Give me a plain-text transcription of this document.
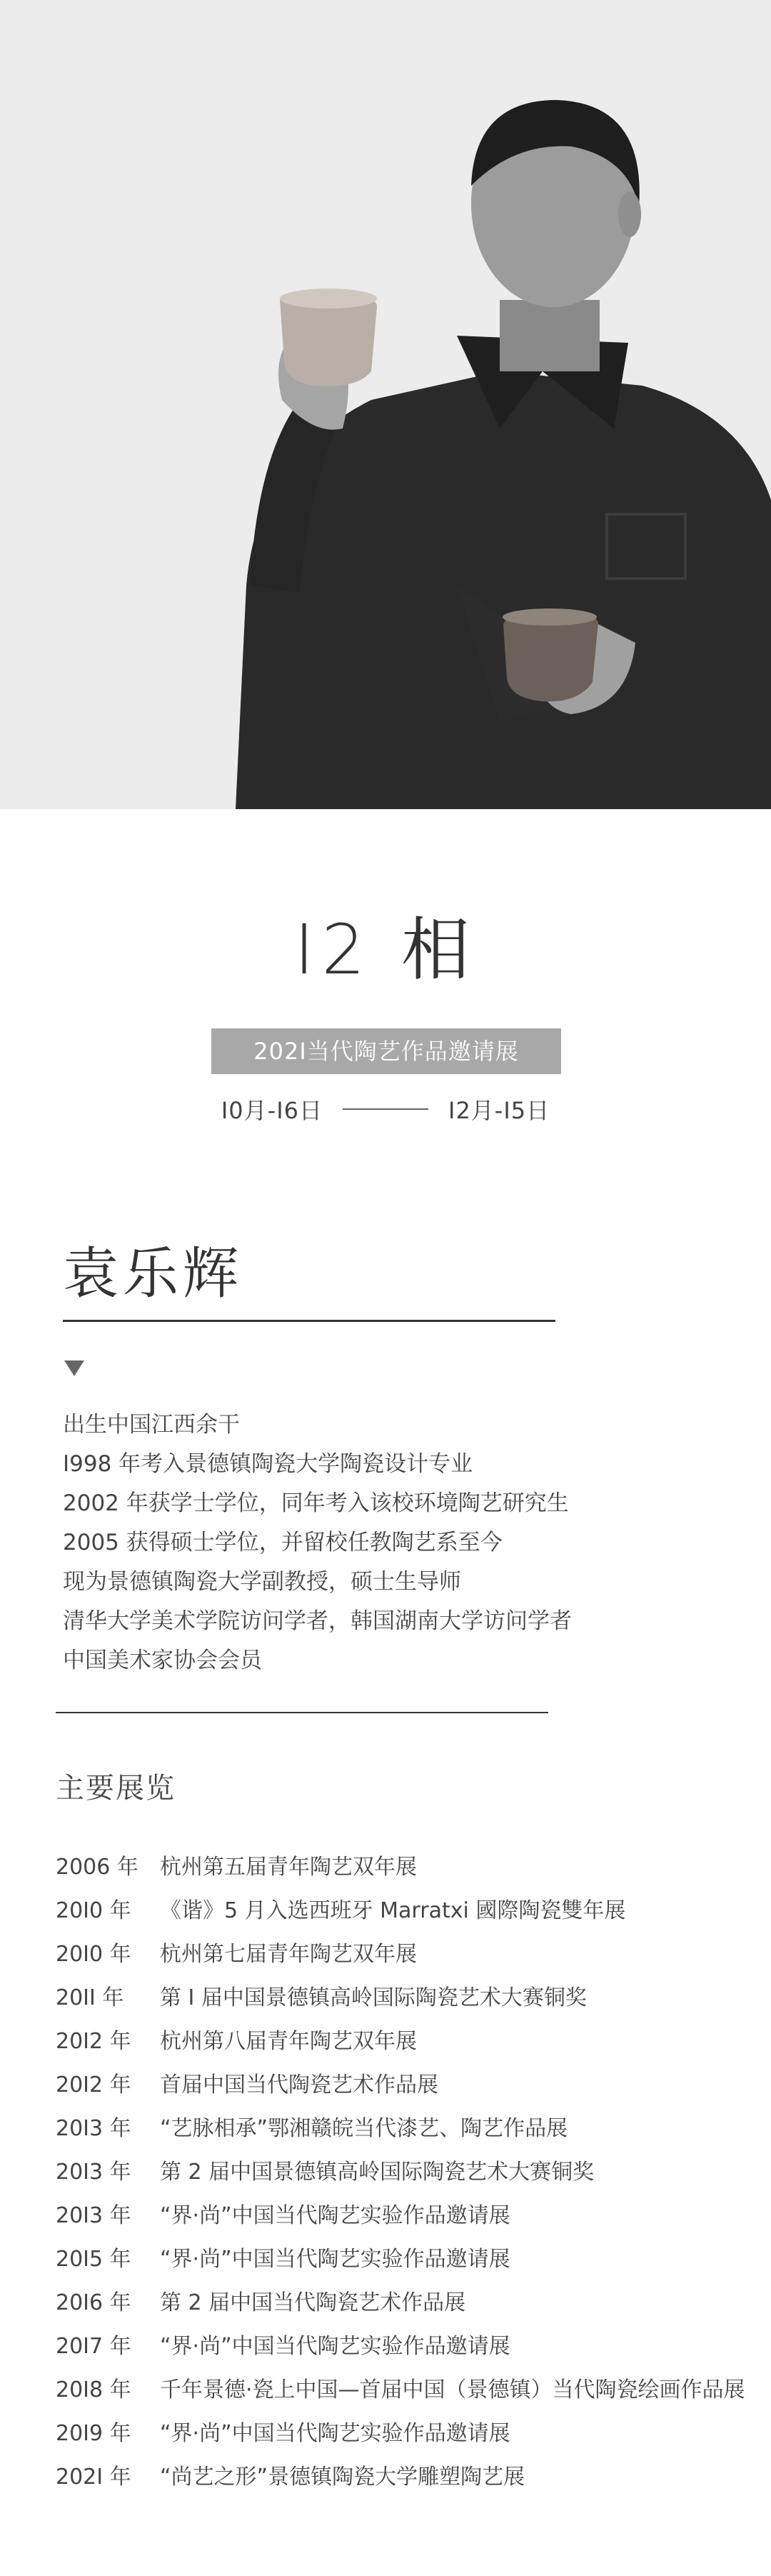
I2 相
202I当代陶艺作品邀请展
I0月-I6日	I2月-I5日
袁乐辉
出生中国江西余干
I998 年考入景德镇陶瓷大学陶瓷设计专业
2002 年获学士学位，同年考入该校环境陶艺研究生
2005 获得硕士学位，并留校任教陶艺系至今
现为景德镇陶瓷大学副教授，硕士生导师
清华大学美术学院访问学者，韩国湖南大学访问学者
中国美术家协会会员
主要展览
2006 年 杭州第五届青年陶艺双年展
20I0 年 《谐》5 月入选西班牙 Marratxi 國際陶瓷雙年展
20I0 年 杭州第七届青年陶艺双年展
20II 年 第 I 届中国景德镇高岭国际陶瓷艺术大赛铜奖
20I2 年 杭州第八届青年陶艺双年展
20I2 年 首届中国当代陶瓷艺术作品展
20I3 年 “艺脉相承”鄂湘赣皖当代漆艺、陶艺作品展
20I3 年 第 2 届中国景德镇高岭国际陶瓷艺术大赛铜奖
20I3 年 “界·尚”中国当代陶艺实验作品邀请展
20I5 年 “界·尚”中国当代陶艺实验作品邀请展
20I6 年 第 2 届中国当代陶瓷艺术作品展
20I7 年 “界·尚”中国当代陶艺实验作品邀请展
20I8 年 千年景德·瓷上中国—首届中国（景德镇）当代陶瓷绘画作品展
20I9 年 “界·尚”中国当代陶艺实验作品邀请展
202I 年 “尚艺之形”景德镇陶瓷大学雕塑陶艺展
